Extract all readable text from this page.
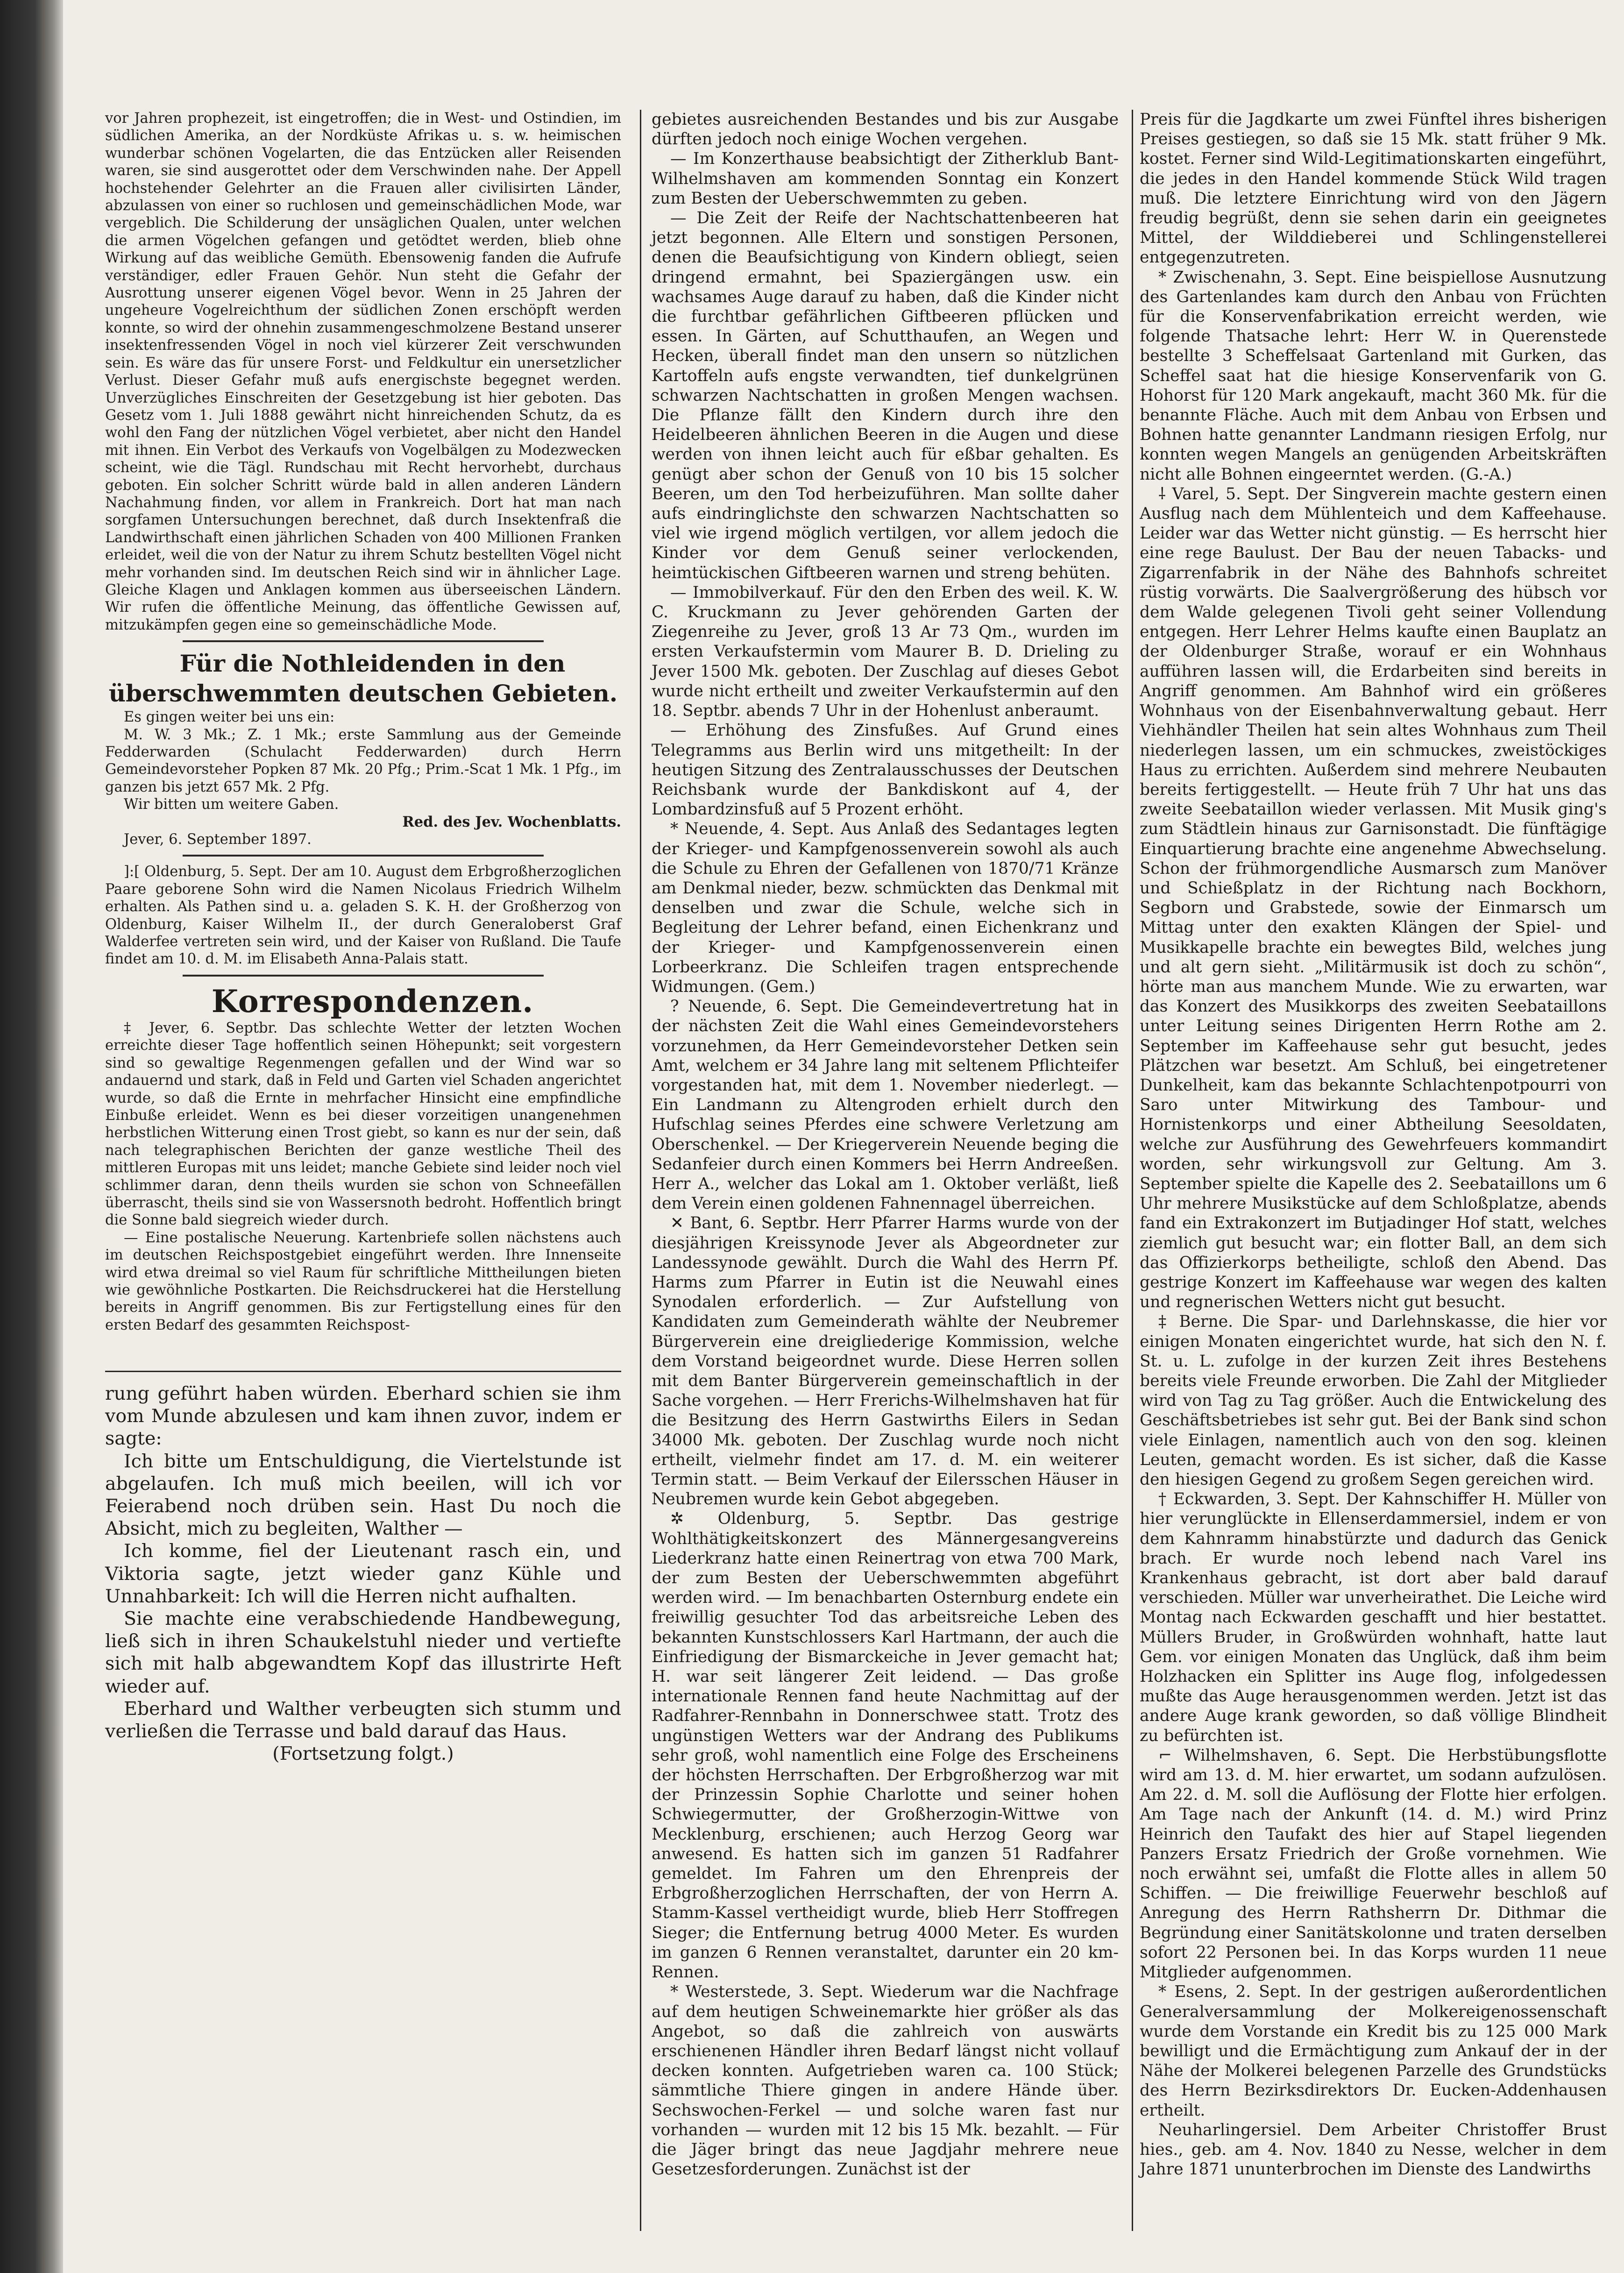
vor Jahren prophezeit, ist eingetroffen; die in West- und Ostindien, im südlichen Amerika, an der Nordküste Afrikas u. s. w. heimischen wunderbar schönen Vogelarten, die das Entzücken aller Reisenden waren, sie sind ausgerottet oder dem Verschwinden nahe. Der Appell hochstehender Gelehrter an die Frauen aller civilisirten Länder, abzulassen von einer so ruchlosen und gemeinschädlichen Mode, war vergeblich. Die Schilderung der unsäglichen Qualen, unter welchen die armen Vögelchen gefangen und getödtet werden, blieb ohne Wirkung auf das weibliche Gemüth. Ebensowenig fanden die Aufrufe verständiger, edler Frauen Gehör. Nun steht die Gefahr der Ausrottung unserer eigenen Vögel bevor. Wenn in 25 Jahren der ungeheure Vogelreichthum der südlichen Zonen erschöpft werden konnte, so wird der ohnehin zusammengeschmolzene Bestand unserer insektenfressenden Vögel in noch viel kürzerer Zeit verschwunden sein. Es wäre das für unsere Forst- und Feldkultur ein unersetzlicher Verlust. Dieser Gefahr muß aufs energischste begegnet werden. Unverzügliches Einschreiten der Gesetzgebung ist hier geboten. Das Gesetz vom 1. Juli 1888 gewährt nicht hinreichenden Schutz, da es wohl den Fang der nützlichen Vögel verbietet, aber nicht den Handel mit ihnen. Ein Verbot des Verkaufs von Vogelbälgen zu Modezwecken scheint, wie die Tägl. Rundschau mit Recht hervorhebt, durchaus geboten. Ein solcher Schritt würde bald in allen anderen Ländern Nachahmung finden, vor allem in Frankreich. Dort hat man nach sorgfamen Untersuchungen berechnet, daß durch Insektenfraß die Landwirthschaft einen jährlichen Schaden von 400 Millionen Franken erleidet, weil die von der Natur zu ihrem Schutz bestellten Vögel nicht mehr vorhanden sind. Im deutschen Reich sind wir in ähnlicher Lage. Gleiche Klagen und Anklagen kommen aus überseeischen Ländern. Wir rufen die öffentliche Meinung, das öffentliche Gewissen auf, mitzukämpfen gegen eine so gemeinschädliche Mode.

Für die Nothleidenden in den überschwemmten deutschen Gebieten.

Es gingen weiter bei uns ein:

M. W. 3 Mk.; Z. 1 Mk.; erste Sammlung aus der Gemeinde Fedderwarden (Schulacht Fedderwarden) durch Herrn Gemeindevorsteher Popken 87 Mk. 20 Pfg.; Prim.-Scat 1 Mk. 1 Pfg., im ganzen bis jetzt 657 Mk. 2 Pfg.

Wir bitten um weitere Gaben.

Red. des Jev. Wochenblatts.

Jever, 6. September 1897.

]:[ Oldenburg, 5. Sept. Der am 10. August dem Erbgroßherzoglichen Paare geborene Sohn wird die Namen Nicolaus Friedrich Wilhelm erhalten. Als Pathen sind u. a. geladen S. K. H. der Großherzog von Oldenburg, Kaiser Wilhelm II., der durch Generaloberst Graf Walderfee vertreten sein wird, und der Kaiser von Rußland. Die Taufe findet am 10. d. M. im Elisabeth Anna-Palais statt.

Korrespondenzen.

‡ Jever, 6. Septbr. Das schlechte Wetter der letzten Wochen erreichte dieser Tage hoffentlich seinen Höhepunkt; seit vorgestern sind so gewaltige Regenmengen gefallen und der Wind war so andauernd und stark, daß in Feld und Garten viel Schaden angerichtet wurde, so daß die Ernte in mehrfacher Hinsicht eine empfindliche Einbuße erleidet. Wenn es bei dieser vorzeitigen unangenehmen herbstlichen Witterung einen Trost giebt, so kann es nur der sein, daß nach telegraphischen Berichten der ganze westliche Theil des mittleren Europas mit uns leidet; manche Gebiete sind leider noch viel schlimmer daran, denn theils wurden sie schon von Schneefällen überrascht, theils sind sie von Wassersnoth bedroht. Hoffentlich bringt die Sonne bald siegreich wieder durch.

— Eine postalische Neuerung. Kartenbriefe sollen nächstens auch im deutschen Reichspostgebiet eingeführt werden. Ihre Innenseite wird etwa dreimal so viel Raum für schriftliche Mittheilungen bieten wie gewöhnliche Postkarten. Die Reichsdruckerei hat die Herstellung bereits in Angriff genommen. Bis zur Fertigstellung eines für den ersten Bedarf des gesammten Reichspost-

rung geführt haben würden. Eberhard schien sie ihm vom Munde abzulesen und kam ihnen zuvor, indem er sagte:

Ich bitte um Entschuldigung, die Viertelstunde ist abgelaufen. Ich muß mich beeilen, will ich vor Feierabend noch drüben sein. Hast Du noch die Absicht, mich zu begleiten, Walther —

Ich komme, fiel der Lieutenant rasch ein, und Viktoria sagte, jetzt wieder ganz Kühle und Unnahbarkeit: Ich will die Herren nicht aufhalten.

Sie machte eine verabschiedende Handbewegung, ließ sich in ihren Schaukelstuhl nieder und vertiefte sich mit halb abgewandtem Kopf das illustrirte Heft wieder auf.

Eberhard und Walther verbeugten sich stumm und verließen die Terrasse und bald darauf das Haus.

(Fortsetzung folgt.)

gebietes ausreichenden Bestandes und bis zur Ausgabe dürften jedoch noch einige Wochen vergehen.

— Im Konzerthause beabsichtigt der Zitherklub Bant-Wilhelmshaven am kommenden Sonntag ein Konzert zum Besten der Ueberschwemmten zu geben.

— Die Zeit der Reife der Nachtschattenbeeren hat jetzt begonnen. Alle Eltern und sonstigen Personen, denen die Beaufsichtigung von Kindern obliegt, seien dringend ermahnt, bei Spaziergängen usw. ein wachsames Auge darauf zu haben, daß die Kinder nicht die furchtbar gefährlichen Giftbeeren pflücken und essen. In Gärten, auf Schutthaufen, an Wegen und Hecken, überall findet man den unsern so nützlichen Kartoffeln aufs engste verwandten, tief dunkelgrünen schwarzen Nachtschatten in großen Mengen wachsen. Die Pflanze fällt den Kindern durch ihre den Heidelbeeren ähnlichen Beeren in die Augen und diese werden von ihnen leicht auch für eßbar gehalten. Es genügt aber schon der Genuß von 10 bis 15 solcher Beeren, um den Tod herbeizuführen. Man sollte daher aufs eindringlichste den schwarzen Nachtschatten so viel wie irgend möglich vertilgen, vor allem jedoch die Kinder vor dem Genuß seiner verlockenden, heimtückischen Giftbeeren warnen und streng behüten.

— Immobilverkauf. Für den den Erben des weil. K. W. C. Kruckmann zu Jever gehörenden Garten der Ziegenreihe zu Jever, groß 13 Ar 73 Qm., wurden im ersten Verkaufstermin vom Maurer B. D. Drieling zu Jever 1500 Mk. geboten. Der Zuschlag auf dieses Gebot wurde nicht ertheilt und zweiter Verkaufstermin auf den 18. Septbr. abends 7 Uhr in der Hohenlust anberaumt.

— Erhöhung des Zinsfußes. Auf Grund eines Telegramms aus Berlin wird uns mitgetheilt: In der heutigen Sitzung des Zentralausschusses der Deutschen Reichsbank wurde der Bankdiskont auf 4, der Lombardzinsfuß auf 5 Prozent erhöht.

* Neuende, 4. Sept. Aus Anlaß des Sedantages legten der Krieger- und Kampfgenossenverein sowohl als auch die Schule zu Ehren der Gefallenen von 1870/71 Kränze am Denkmal nieder, bezw. schmückten das Denkmal mit denselben und zwar die Schule, welche sich in Begleitung der Lehrer befand, einen Eichenkranz und der Krieger- und Kampfgenossenverein einen Lorbeerkranz. Die Schleifen tragen entsprechende Widmungen. (Gem.)

? Neuende, 6. Sept. Die Gemeindevertretung hat in der nächsten Zeit die Wahl eines Gemeindevorstehers vorzunehmen, da Herr Gemeindevorsteher Detken sein Amt, welchem er 34 Jahre lang mit seltenem Pflichteifer vorgestanden hat, mit dem 1. November niederlegt. — Ein Landmann zu Altengroden erhielt durch den Hufschlag seines Pferdes eine schwere Verletzung am Oberschenkel. — Der Kriegerverein Neuende beging die Sedanfeier durch einen Kommers bei Herrn Andreeßen. Herr A., welcher das Lokal am 1. Oktober verläßt, ließ dem Verein einen goldenen Fahnennagel überreichen.

✕ Bant, 6. Septbr. Herr Pfarrer Harms wurde von der diesjährigen Kreissynode Jever als Abgeordneter zur Landessynode gewählt. Durch die Wahl des Herrn Pf. Harms zum Pfarrer in Eutin ist die Neuwahl eines Synodalen erforderlich. — Zur Aufstellung von Kandidaten zum Gemeinderath wählte der Neubremer Bürgerverein eine dreigliederige Kommission, welche dem Vorstand beigeordnet wurde. Diese Herren sollen mit dem Banter Bürgerverein gemeinschaftlich in der Sache vorgehen. — Herr Frerichs-Wilhelmshaven hat für die Besitzung des Herrn Gastwirths Eilers in Sedan 34000 Mk. geboten. Der Zuschlag wurde noch nicht ertheilt, vielmehr findet am 17. d. M. ein weiterer Termin statt. — Beim Verkauf der Eilersschen Häuser in Neubremen wurde kein Gebot abgegeben.

✲ Oldenburg, 5. Septbr. Das gestrige Wohlthätigkeitskonzert des Männergesangvereins Liederkranz hatte einen Reinertrag von etwa 700 Mark, der zum Besten der Ueberschwemmten abgeführt werden wird. — Im benachbarten Osternburg endete ein freiwillig gesuchter Tod das arbeitsreiche Leben des bekannten Kunstschlossers Karl Hartmann, der auch die Einfriedigung der Bismarckeiche in Jever gemacht hat; H. war seit längerer Zeit leidend. — Das große internationale Rennen fand heute Nachmittag auf der Radfahrer-Rennbahn in Donnerschwee statt. Trotz des ungünstigen Wetters war der Andrang des Publikums sehr groß, wohl namentlich eine Folge des Erscheinens der höchsten Herrschaften. Der Erbgroßherzog war mit der Prinzessin Sophie Charlotte und seiner hohen Schwiegermutter, der Großherzogin-Wittwe von Mecklenburg, erschienen; auch Herzog Georg war anwesend. Es hatten sich im ganzen 51 Radfahrer gemeldet. Im Fahren um den Ehrenpreis der Erbgroßherzoglichen Herrschaften, der von Herrn A. Stamm-Kassel vertheidigt wurde, blieb Herr Stoffregen Sieger; die Entfernung betrug 4000 Meter. Es wurden im ganzen 6 Rennen veranstaltet, darunter ein 20 km-Rennen.

* Westerstede, 3. Sept. Wiederum war die Nachfrage auf dem heutigen Schweinemarkte hier größer als das Angebot, so daß die zahlreich von auswärts erschienenen Händler ihren Bedarf längst nicht vollauf decken konnten. Aufgetrieben waren ca. 100 Stück; sämmtliche Thiere gingen in andere Hände über. Sechswochen-Ferkel — und solche waren fast nur vorhanden — wurden mit 12 bis 15 Mk. bezahlt. — Für die Jäger bringt das neue Jagdjahr mehrere neue Gesetzesforderungen. Zunächst ist der

Preis für die Jagdkarte um zwei Fünftel ihres bisherigen Preises gestiegen, so daß sie 15 Mk. statt früher 9 Mk. kostet. Ferner sind Wild-Legitimationskarten eingeführt, die jedes in den Handel kommende Stück Wild tragen muß. Die letztere Einrichtung wird von den Jägern freudig begrüßt, denn sie sehen darin ein geeignetes Mittel, der Wilddieberei und Schlingenstellerei entgegenzutreten.

* Zwischenahn, 3. Sept. Eine beispiellose Ausnutzung des Gartenlandes kam durch den Anbau von Früchten für die Konservenfabrikation erreicht werden, wie folgende Thatsache lehrt: Herr W. in Querenstede bestellte 3 Scheffelsaat Gartenland mit Gurken, das Scheffel saat hat die hiesige Konservenfarik von G. Hohorst für 120 Mark angekauft, macht 360 Mk. für die benannte Fläche. Auch mit dem Anbau von Erbsen und Bohnen hatte genannter Landmann riesigen Erfolg, nur konnten wegen Mangels an genügenden Arbeitskräften nicht alle Bohnen eingeerntet werden. (G.-A.)

⸸ Varel, 5. Sept. Der Singverein machte gestern einen Ausflug nach dem Mühlenteich und dem Kaffeehause. Leider war das Wetter nicht günstig. — Es herrscht hier eine rege Baulust. Der Bau der neuen Tabacks- und Zigarrenfabrik in der Nähe des Bahnhofs schreitet rüstig vorwärts. Die Saalvergrößerung des hübsch vor dem Walde gelegenen Tivoli geht seiner Vollendung entgegen. Herr Lehrer Helms kaufte einen Bauplatz an der Oldenburger Straße, worauf er ein Wohnhaus aufführen lassen will, die Erdarbeiten sind bereits in Angriff genommen. Am Bahnhof wird ein größeres Wohnhaus von der Eisenbahnverwaltung gebaut. Herr Viehhändler Theilen hat sein altes Wohnhaus zum Theil niederlegen lassen, um ein schmuckes, zweistöckiges Haus zu errichten. Außerdem sind mehrere Neubauten bereits fertiggestellt. — Heute früh 7 Uhr hat uns das zweite Seebataillon wieder verlassen. Mit Musik ging's zum Städtlein hinaus zur Garnisonstadt. Die fünftägige Einquartierung brachte eine angenehme Abwechselung. Schon der frühmorgendliche Ausmarsch zum Manöver und Schießplatz in der Richtung nach Bockhorn, Segborn und Grabstede, sowie der Einmarsch um Mittag unter den exakten Klängen der Spiel- und Musikkapelle brachte ein bewegtes Bild, welches jung und alt gern sieht. „Militärmusik ist doch zu schön“, hörte man aus manchem Munde. Wie zu erwarten, war das Konzert des Musikkorps des zweiten Seebataillons unter Leitung seines Dirigenten Herrn Rothe am 2. September im Kaffeehause sehr gut besucht, jedes Plätzchen war besetzt. Am Schluß, bei eingetretener Dunkelheit, kam das bekannte Schlachtenpotpourri von Saro unter Mitwirkung des Tambour- und Hornistenkorps und einer Abtheilung Seesoldaten, welche zur Ausführung des Gewehrfeuers kommandirt worden, sehr wirkungsvoll zur Geltung. Am 3. September spielte die Kapelle des 2. Seebataillons um 6 Uhr mehrere Musikstücke auf dem Schloßplatze, abends fand ein Extrakonzert im Butjadinger Hof statt, welches ziemlich gut besucht war; ein flotter Ball, an dem sich das Offizierkorps betheiligte, schloß den Abend. Das gestrige Konzert im Kaffeehause war wegen des kalten und regnerischen Wetters nicht gut besucht.

‡ Berne. Die Spar- und Darlehnskasse, die hier vor einigen Monaten eingerichtet wurde, hat sich den N. f. St. u. L. zufolge in der kurzen Zeit ihres Bestehens bereits viele Freunde erworben. Die Zahl der Mitglieder wird von Tag zu Tag größer. Auch die Entwickelung des Geschäftsbetriebes ist sehr gut. Bei der Bank sind schon viele Einlagen, namentlich auch von den sog. kleinen Leuten, gemacht worden. Es ist sicher, daß die Kasse den hiesigen Gegend zu großem Segen gereichen wird.

† Eckwarden, 3. Sept. Der Kahnschiffer H. Müller von hier verunglückte in Ellenserdammersiel, indem er von dem Kahnramm hinabstürzte und dadurch das Genick brach. Er wurde noch lebend nach Varel ins Krankenhaus gebracht, ist dort aber bald darauf verschieden. Müller war unverheirathet. Die Leiche wird Montag nach Eckwarden geschafft und hier bestattet. Müllers Bruder, in Großwürden wohnhaft, hatte laut Gem. vor einigen Monaten das Unglück, daß ihm beim Holzhacken ein Splitter ins Auge flog, infolgedessen mußte das Auge herausgenommen werden. Jetzt ist das andere Auge krank geworden, so daß völlige Blindheit zu befürchten ist.

⌐ Wilhelmshaven, 6. Sept. Die Herbstübungsflotte wird am 13. d. M. hier erwartet, um sodann aufzulösen. Am 22. d. M. soll die Auflösung der Flotte hier erfolgen. Am Tage nach der Ankunft (14. d. M.) wird Prinz Heinrich den Taufakt des hier auf Stapel liegenden Panzers Ersatz Friedrich der Große vornehmen. Wie noch erwähnt sei, umfaßt die Flotte alles in allem 50 Schiffen. — Die freiwillige Feuerwehr beschloß auf Anregung des Herrn Rathsherrn Dr. Dithmar die Begründung einer Sanitätskolonne und traten derselben sofort 22 Personen bei. In das Korps wurden 11 neue Mitglieder aufgenommen.

* Esens, 2. Sept. In der gestrigen außerordentlichen Generalversammlung der Molkereigenossenschaft wurde dem Vorstande ein Kredit bis zu 125 000 Mark bewilligt und die Ermächtigung zum Ankauf der in der Nähe der Molkerei belegenen Parzelle des Grundstücks des Herrn Bezirksdirektors Dr. Eucken-Addenhausen ertheilt.

Neuharlingersiel. Dem Arbeiter Christoffer Brust hies., geb. am 4. Nov. 1840 zu Nesse, welcher in dem Jahre 1871 ununterbrochen im Dienste des Landwirths
